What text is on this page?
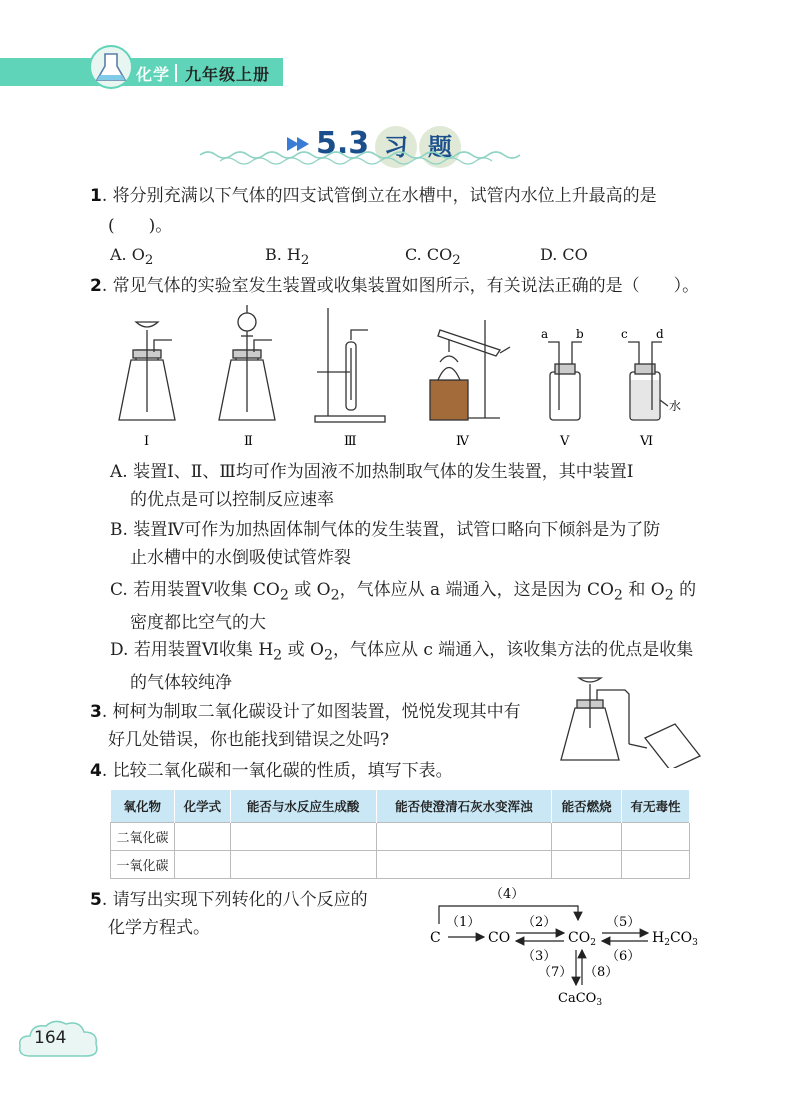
化学 九年级上册
5.3 习 题
1. 将分别充满以下气体的四支试管倒立在水槽中，试管内水位上升最高的是
(　　)。
A. $O_2$	B. $H_2$	C. $CO_2$	D. CO
2. 常见气体的实验室发生装置或收集装置如图所示，有关说法正确的是（　　）。
Ⅰ	Ⅱ	Ⅲ	Ⅳ	Ⅴ	Ⅵ
a b	c d
水
A. 装置Ⅰ、Ⅱ、Ⅲ均可作为固液不加热制取气体的发生装置，其中装置Ⅰ
的优点是可以控制反应速率
B. 装置Ⅳ可作为加热固体制气体的发生装置，试管口略向下倾斜是为了防
止水槽中的水倒吸使试管炸裂
C. 若用装置Ⅴ收集 $CO_2$ 或 $O_2$，气体应从 a 端通入，这是因为 $CO_2$ 和 $O_2$ 的
密度都比空气的大
D. 若用装置Ⅵ收集 $H_2$ 或 $O_2$，气体应从 c 端通入，该收集方法的优点是收集
的气体较纯净
3. 柯柯为制取二氧化碳设计了如图装置，悦悦发现其中有
好几处错误，你也能找到错误之处吗?
4. 比较二氧化碳和一氧化碳的性质，填写下表。
氧化物	化学式	能否与水反应生成酸	能否使澄清石灰水变浑浊	能否燃烧	有无毒性
二氧化碳					
一氧化碳					
5. 请写出实现下列转化的八个反应的
化学方程式。	C	CO	$CO_2$	$H_2CO_3$
CaCO$_3$
（4）
（1）	（2）
（3）
（5）
（6）
（7） （8）
164
